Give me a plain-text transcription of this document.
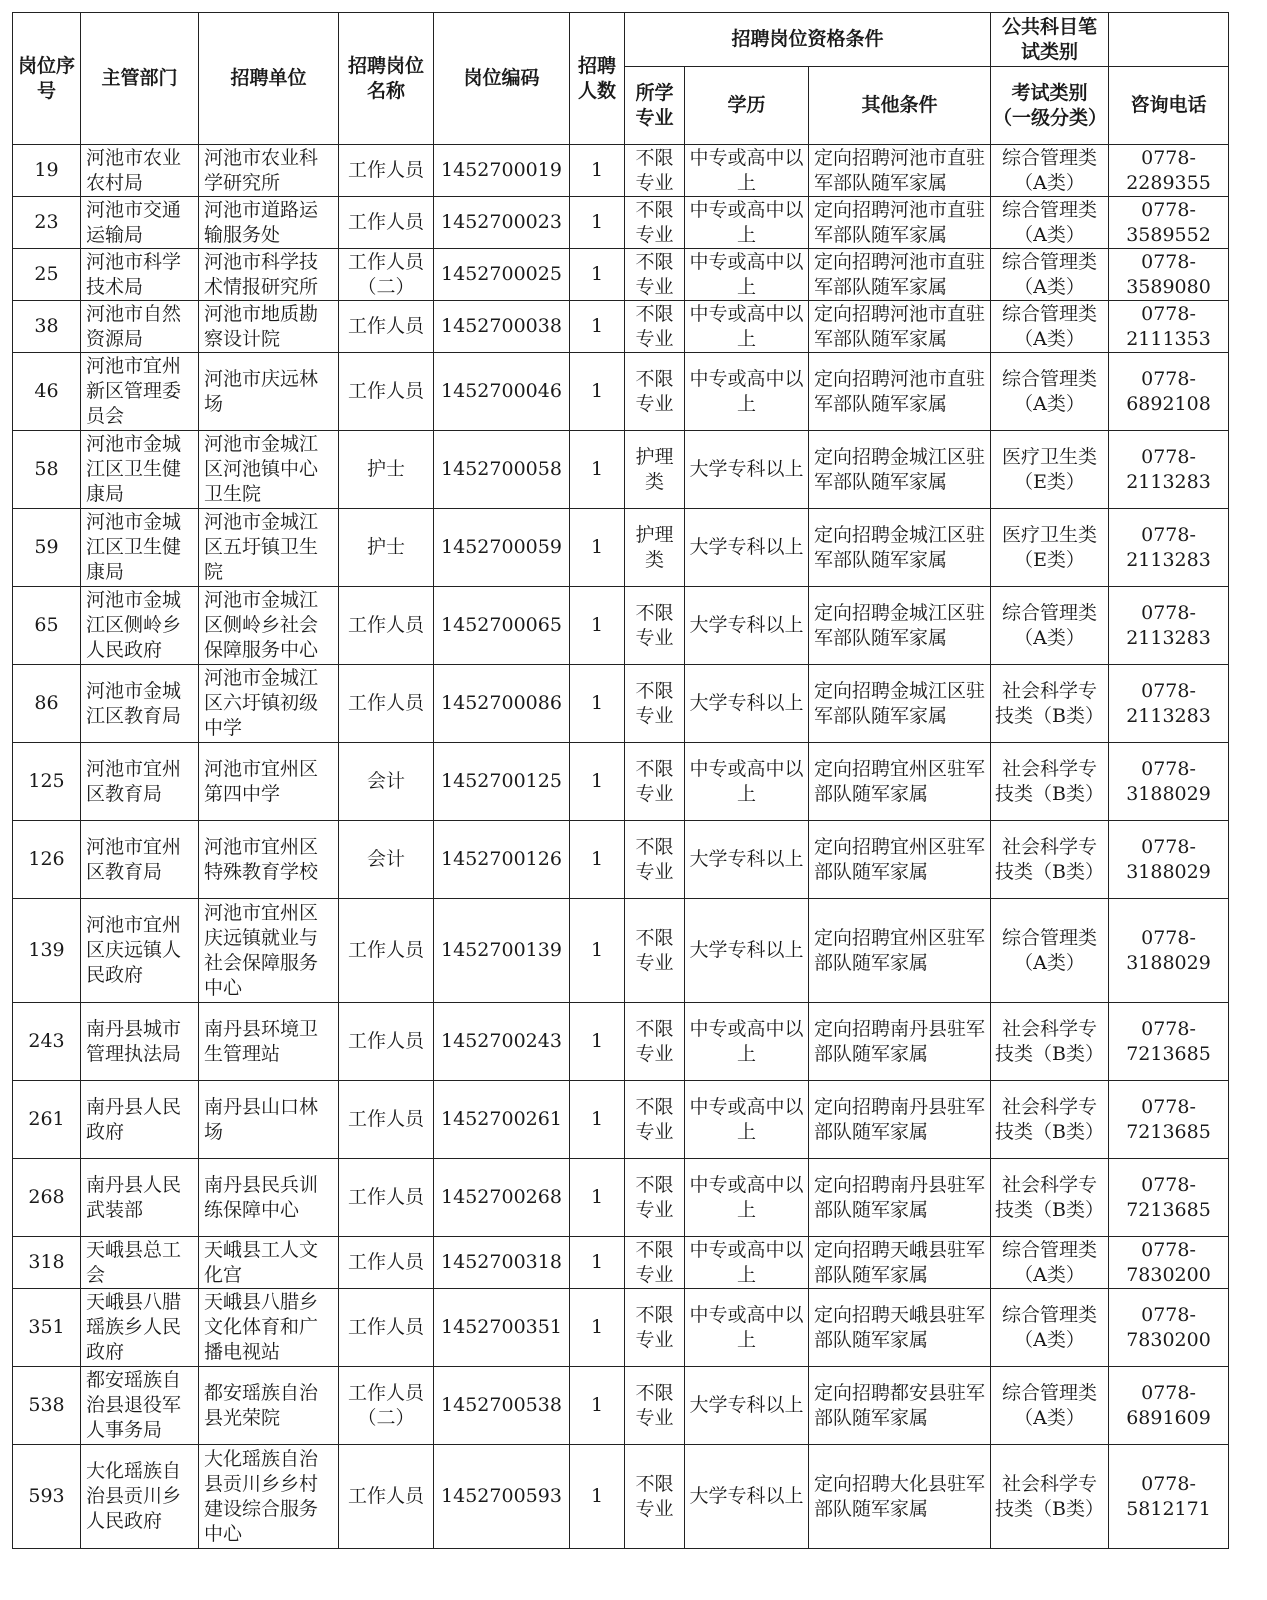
岗位序号	主管部门	招聘单位	招聘岗位名称	岗位编码	招聘人数	招聘岗位资格条件			公共科目笔试类别	
						所学专业	学历	其他条件	考试类别（一级分类）	咨询电话
19	河池市农业农村局	河池市农业科学研究所	工作人员	1452700019	1	不限专业	中专或高中以上	定向招聘河池市直驻军部队随军家属	综合管理类（A类）	0778-2289355
23	河池市交通运输局	河池市道路运输服务处	工作人员	1452700023	1	不限专业	中专或高中以上	定向招聘河池市直驻军部队随军家属	综合管理类（A类）	0778-3589552
25	河池市科学技术局	河池市科学技术情报研究所	工作人员（二）	1452700025	1	不限专业	中专或高中以上	定向招聘河池市直驻军部队随军家属	综合管理类（A类）	0778-3589080
38	河池市自然资源局	河池市地质勘察设计院	工作人员	1452700038	1	不限专业	中专或高中以上	定向招聘河池市直驻军部队随军家属	综合管理类（A类）	0778-2111353
46	河池市宜州新区管理委员会	河池市庆远林场	工作人员	1452700046	1	不限专业	中专或高中以上	定向招聘河池市直驻军部队随军家属	综合管理类（A类）	0778-6892108
58	河池市金城江区卫生健康局	河池市金城江区河池镇中心卫生院	护士	1452700058	1	护理类	大学专科以上	定向招聘金城江区驻军部队随军家属	医疗卫生类（E类）	0778-2113283
59	河池市金城江区卫生健康局	河池市金城江区五圩镇卫生院	护士	1452700059	1	护理类	大学专科以上	定向招聘金城江区驻军部队随军家属	医疗卫生类（E类）	0778-2113283
65	河池市金城江区侧岭乡人民政府	河池市金城江区侧岭乡社会保障服务中心	工作人员	1452700065	1	不限专业	大学专科以上	定向招聘金城江区驻军部队随军家属	综合管理类（A类）	0778-2113283
86	河池市金城江区教育局	河池市金城江区六圩镇初级中学	工作人员	1452700086	1	不限专业	大学专科以上	定向招聘金城江区驻军部队随军家属	社会科学专技类（B类）	0778-2113283
125	河池市宜州区教育局	河池市宜州区第四中学	会计	1452700125	1	不限专业	中专或高中以上	定向招聘宜州区驻军部队随军家属	社会科学专技类（B类）	0778-3188029
126	河池市宜州区教育局	河池市宜州区特殊教育学校	会计	1452700126	1	不限专业	大学专科以上	定向招聘宜州区驻军部队随军家属	社会科学专技类（B类）	0778-3188029
139	河池市宜州区庆远镇人民政府	河池市宜州区庆远镇就业与社会保障服务中心	工作人员	1452700139	1	不限专业	大学专科以上	定向招聘宜州区驻军部队随军家属	综合管理类（A类）	0778-3188029
243	南丹县城市管理执法局	南丹县环境卫生管理站	工作人员	1452700243	1	不限专业	中专或高中以上	定向招聘南丹县驻军部队随军家属	社会科学专技类（B类）	0778-7213685
261	南丹县人民政府	南丹县山口林场	工作人员	1452700261	1	不限专业	中专或高中以上	定向招聘南丹县驻军部队随军家属	社会科学专技类（B类）	0778-7213685
268	南丹县人民武装部	南丹县民兵训练保障中心	工作人员	1452700268	1	不限专业	中专或高中以上	定向招聘南丹县驻军部队随军家属	社会科学专技类（B类）	0778-7213685
318	天峨县总工会	天峨县工人文化宫	工作人员	1452700318	1	不限专业	中专或高中以上	定向招聘天峨县驻军部队随军家属	综合管理类（A类）	0778-7830200
351	天峨县八腊瑶族乡人民政府	天峨县八腊乡文化体育和广播电视站	工作人员	1452700351	1	不限专业	中专或高中以上	定向招聘天峨县驻军部队随军家属	综合管理类（A类）	0778-7830200
538	都安瑶族自治县退役军人事务局	都安瑶族自治县光荣院	工作人员（二）	1452700538	1	不限专业	大学专科以上	定向招聘都安县驻军部队随军家属	综合管理类（A类）	0778-6891609
593	大化瑶族自治县贡川乡人民政府	大化瑶族自治县贡川乡乡村建设综合服务中心	工作人员	1452700593	1	不限专业	大学专科以上	定向招聘大化县驻军部队随军家属	社会科学专技类（B类）	0778-5812171
